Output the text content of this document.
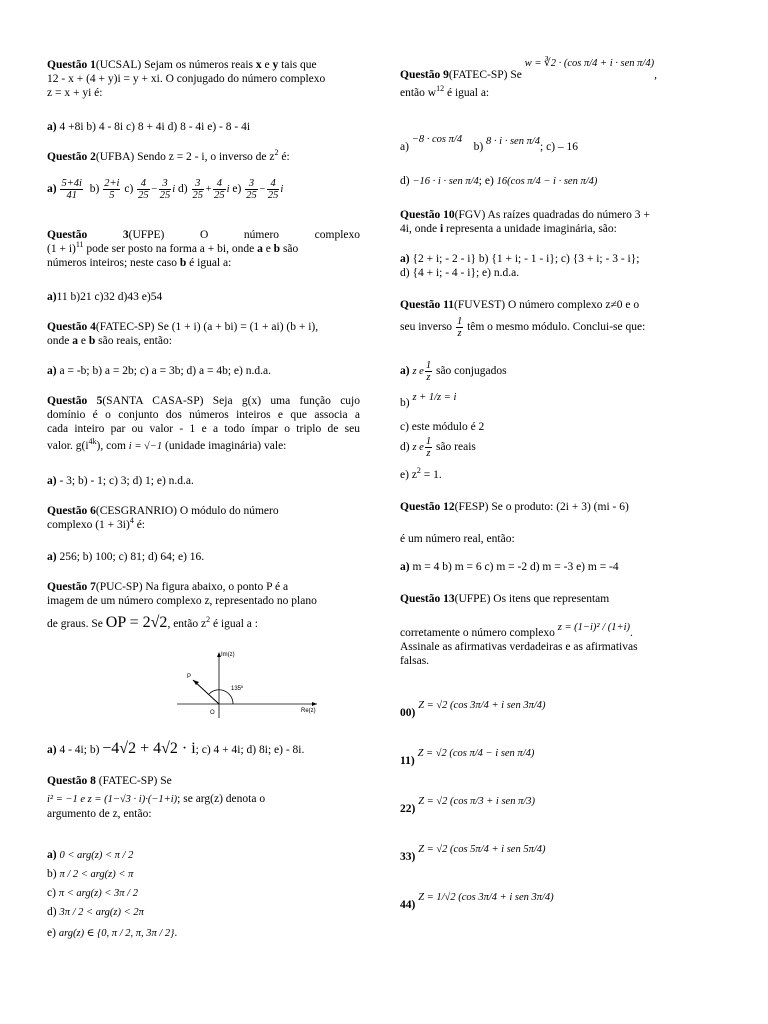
Questão 1(UCSAL) Sejam os números reais x e y tais que
12 - x + (4 + y)i = y + xi. O conjugado do número complexo
z = x + yi é:
a) 4 +8i b) 4 - 8i c) 8 + 4i d) 8 - 4i e) - 8 - 4i
Questão 2(UFBA) Sendo z = 2 - i, o inverso de $z^2$ é:
$a) \frac{5+4i}{41} b) \frac{2+i}{5} c) \frac{4}{25} - \frac{3}{25}$ i $d) \frac{3}{25} + \frac{4}{25}$ i $e) \frac{3}{25} - \frac{4}{25}$ i
Questão 3(UFPE) O número complexo
$(1 + i)^{11}$ pode ser posto na forma a + bi, onde a e b são
números inteiros; neste caso b é igual a:
a)11 b)21 c)32 d)43 e)54
Questão 4(FATEC-SP) Se (1 + i) (a + bi) = (1 + ai) (b + i),
onde a e b são reais, então:
a) a = -b; b) a = 2b; c) a = 3b; d) a = 4b; e) n.d.a.
Questão 5(SANTA CASA-SP) Seja g(x) uma função cujo
domínio é o conjunto dos números inteiros e que associa a
cada inteiro par ou valor - 1 e a todo ímpar o triplo de seu
valor. $g(i^{4k})$, com i = √−1 (unidade imaginária) vale:
a) - 3; b) - 1; c) 3; d) 1; e) n.d.a.
Questão 6(CESGRANRIO) O módulo do número
complexo $(1 + 3i)^4$ é:
a) 256; b) 100; c) 81; d) 64; e) 16.
Questão 7(PUC-SP) Na figura abaixo, o ponto P é a
imagem de um número complexo z, representado no plano
de graus. Se OP = 2√2, então $z^2$ é igual a :
Im(z)
Re(z)
P
O
135º
a) 4 - 4i; b) −4√2 + 4√2 · i; c) 4 + 4i; d) 8i; e) - 8i.
Questão 8 (FATEC-SP) Se
i² = −1 e z = (1−√3 · i)·(−1+i); se arg(z) denota o
argumento de z, então:
a) 0 < arg(z) < π / 2
b) π / 2 < arg(z) < π
c) π < arg(z) < 3π / 2
d) 3π / 2 < arg(z) < 2π
e) arg(z) ∈ {0, π / 2, π, 3π / 2}.
Questão 9(FATEC-SP) Se w = ∛2 · (cos π/4 + i · sen π/4),
então $w^{12}$ é igual a:
a) −8 · cos π/4    b) 8 · i · sen π/4; c) – 16
d) −16 · i · sen π/4; e) 16(cos π/4 − i · sen π/4)
Questão 10(FGV) As raízes quadradas do número 3 +
4i, onde i representa a unidade imaginária, são:
a) {2 + i; - 2 - i} b) {1 + i; - 1 - i}; c) {3 + i; - 3 - i};
d) {4 + i; - 4 - i}; e) n.d.a.
Questão 11(FUVEST) O número complexo z≠0 e o
seu inverso $\frac{1}{z}$ têm o mesmo módulo. Conclui-se que:
a) z e $\frac{1}{z}$ são conjugados
b) z + 1/z = i
c) este módulo é 2
d) z e $\frac{1}{z}$ são reais
e) $z^2 = 1$.
Questão 12(FESP) Se o produto: (2i + 3) (mi - 6)
é um número real, então:
a) m = 4 b) m = 6 c) m = -2 d) m = -3 e) m = -4
Questão 13(UFPE) Os itens que representam
corretamente o número complexo z = (1−i)² / (1+i).
Assinale as afirmativas verdadeiras e as afirmativas
falsas.
00) Z = √2 (cos 3π/4 + i sen 3π/4)
11) Z = √2 (cos π/4 − i sen π/4)
22) Z = √2 (cos π/3 + i sen π/3)
33) Z = √2 (cos 5π/4 + i sen 5π/4)
44) Z = 1/√2 (cos 3π/4 + i sen 3π/4)
